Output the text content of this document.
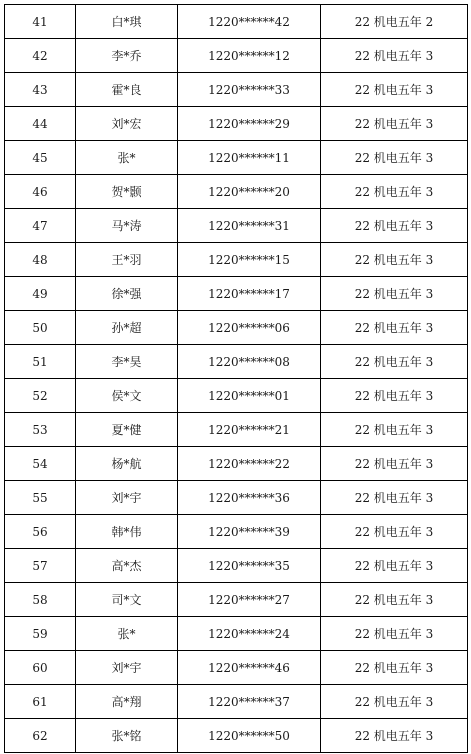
41	白*琪	1220******42	22 机电五年 2
42	李*乔	1220******12	22 机电五年 3
43	霍*良	1220******33	22 机电五年 3
44	刘*宏	1220******29	22 机电五年 3
45	张*	1220******11	22 机电五年 3
46	贺*颢	1220******20	22 机电五年 3
47	马*涛	1220******31	22 机电五年 3
48	王*羽	1220******15	22 机电五年 3
49	徐*强	1220******17	22 机电五年 3
50	孙*超	1220******06	22 机电五年 3
51	李*昊	1220******08	22 机电五年 3
52	侯*文	1220******01	22 机电五年 3
53	夏*健	1220******21	22 机电五年 3
54	杨*航	1220******22	22 机电五年 3
55	刘*宇	1220******36	22 机电五年 3
56	韩*伟	1220******39	22 机电五年 3
57	高*杰	1220******35	22 机电五年 3
58	司*文	1220******27	22 机电五年 3
59	张*	1220******24	22 机电五年 3
60	刘*宇	1220******46	22 机电五年 3
61	高*翔	1220******37	22 机电五年 3
62	张*铭	1220******50	22 机电五年 3
